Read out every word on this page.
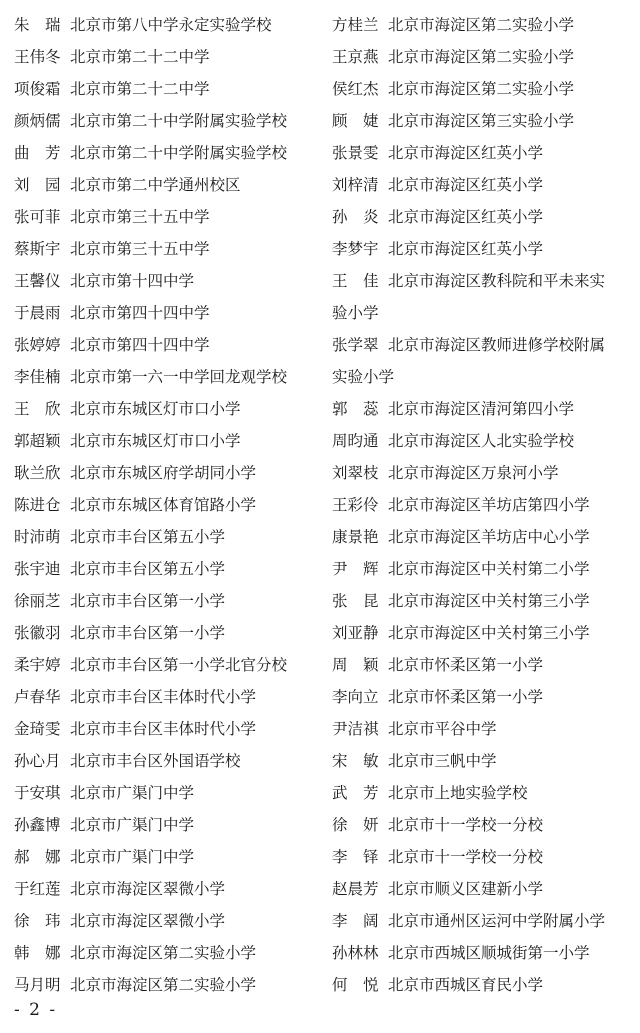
朱　瑞 北京市第八中学永定实验学校
王伟冬 北京市第二十二中学
项俊霜 北京市第二十二中学
颜炳儒 北京市第二十中学附属实验学校
曲　芳 北京市第二十中学附属实验学校
刘　园 北京市第二中学通州校区
张可菲 北京市第三十五中学
蔡斯宇 北京市第三十五中学
王馨仪 北京市第十四中学
于晨雨 北京市第四十四中学
张婷婷 北京市第四十四中学
李佳楠 北京市第一六一中学回龙观学校
王　欣 北京市东城区灯市口小学
郭超颖 北京市东城区灯市口小学
耿兰欣 北京市东城区府学胡同小学
陈进仓 北京市东城区体育馆路小学
时沛萌 北京市丰台区第五小学
张宇迪 北京市丰台区第五小学
徐丽芝 北京市丰台区第一小学
张徽羽 北京市丰台区第一小学
柔宇婷 北京市丰台区第一小学北官分校
卢春华 北京市丰台区丰体时代小学
金琦雯 北京市丰台区丰体时代小学
孙心月 北京市丰台区外国语学校
于安琪 北京市广渠门中学
孙鑫博 北京市广渠门中学
郝　娜 北京市广渠门中学
于红莲 北京市海淀区翠微小学
徐　玮 北京市海淀区翠微小学
韩　娜 北京市海淀区第二实验小学
马月明 北京市海淀区第二实验小学
方桂兰 北京市海淀区第二实验小学
王京燕 北京市海淀区第二实验小学
侯红杰 北京市海淀区第二实验小学
顾　婕 北京市海淀区第三实验小学
张景雯 北京市海淀区红英小学
刘梓清 北京市海淀区红英小学
孙　炎 北京市海淀区红英小学
李梦宇 北京市海淀区红英小学
王　佳 北京市海淀区教科院和平未来实
验小学
张学翠 北京市海淀区教师进修学校附属
实验小学
郭　蕊 北京市海淀区清河第四小学
周昀通 北京市海淀区人北实验学校
刘翠枝 北京市海淀区万泉河小学
王彩伶 北京市海淀区羊坊店第四小学
康景艳 北京市海淀区羊坊店中心小学
尹　辉 北京市海淀区中关村第二小学
张　昆 北京市海淀区中关村第三小学
刘亚静 北京市海淀区中关村第三小学
周　颖 北京市怀柔区第一小学
李向立 北京市怀柔区第一小学
尹洁祺 北京市平谷中学
宋　敏 北京市三帆中学
武　芳 北京市上地实验学校
徐　妍 北京市十一学校一分校
李　铎 北京市十一学校一分校
赵晨芳 北京市顺义区建新小学
李　阔 北京市通州区运河中学附属小学
孙林林 北京市西城区顺城街第一小学
何　悦 北京市西城区育民小学
- 2 -
